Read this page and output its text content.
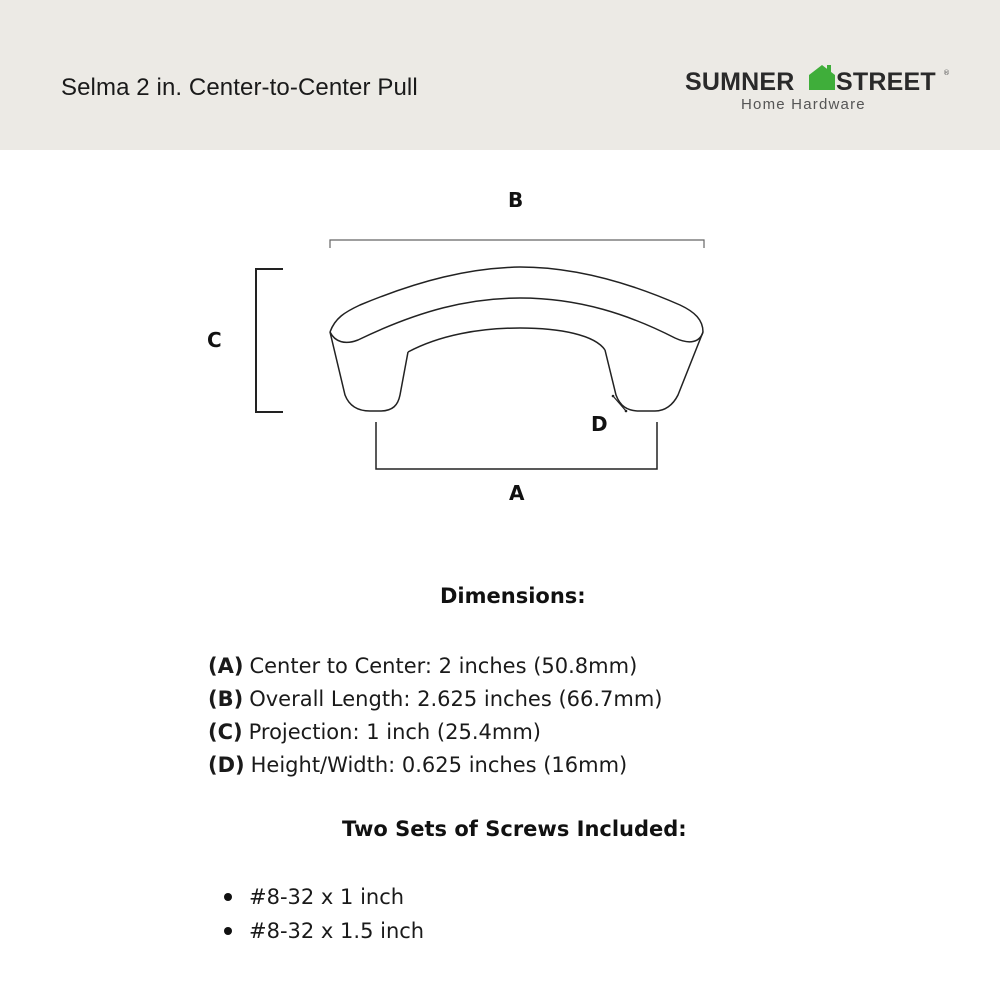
Selma 2 in. Center-to-Center Pull	SUMNER STREET ®
Home Hardware
B
C
D
A
Dimensions:
(A) Center to Center: 2 inches (50.8mm)
(B) Overall Length: 2.625 inches (66.7mm)
(C) Projection: 1 inch (25.4mm)
(D) Height/Width: 0.625 inches (16mm)
Two Sets of Screws Included:
#8-32 x 1 inch
#8-32 x 1.5 inch
